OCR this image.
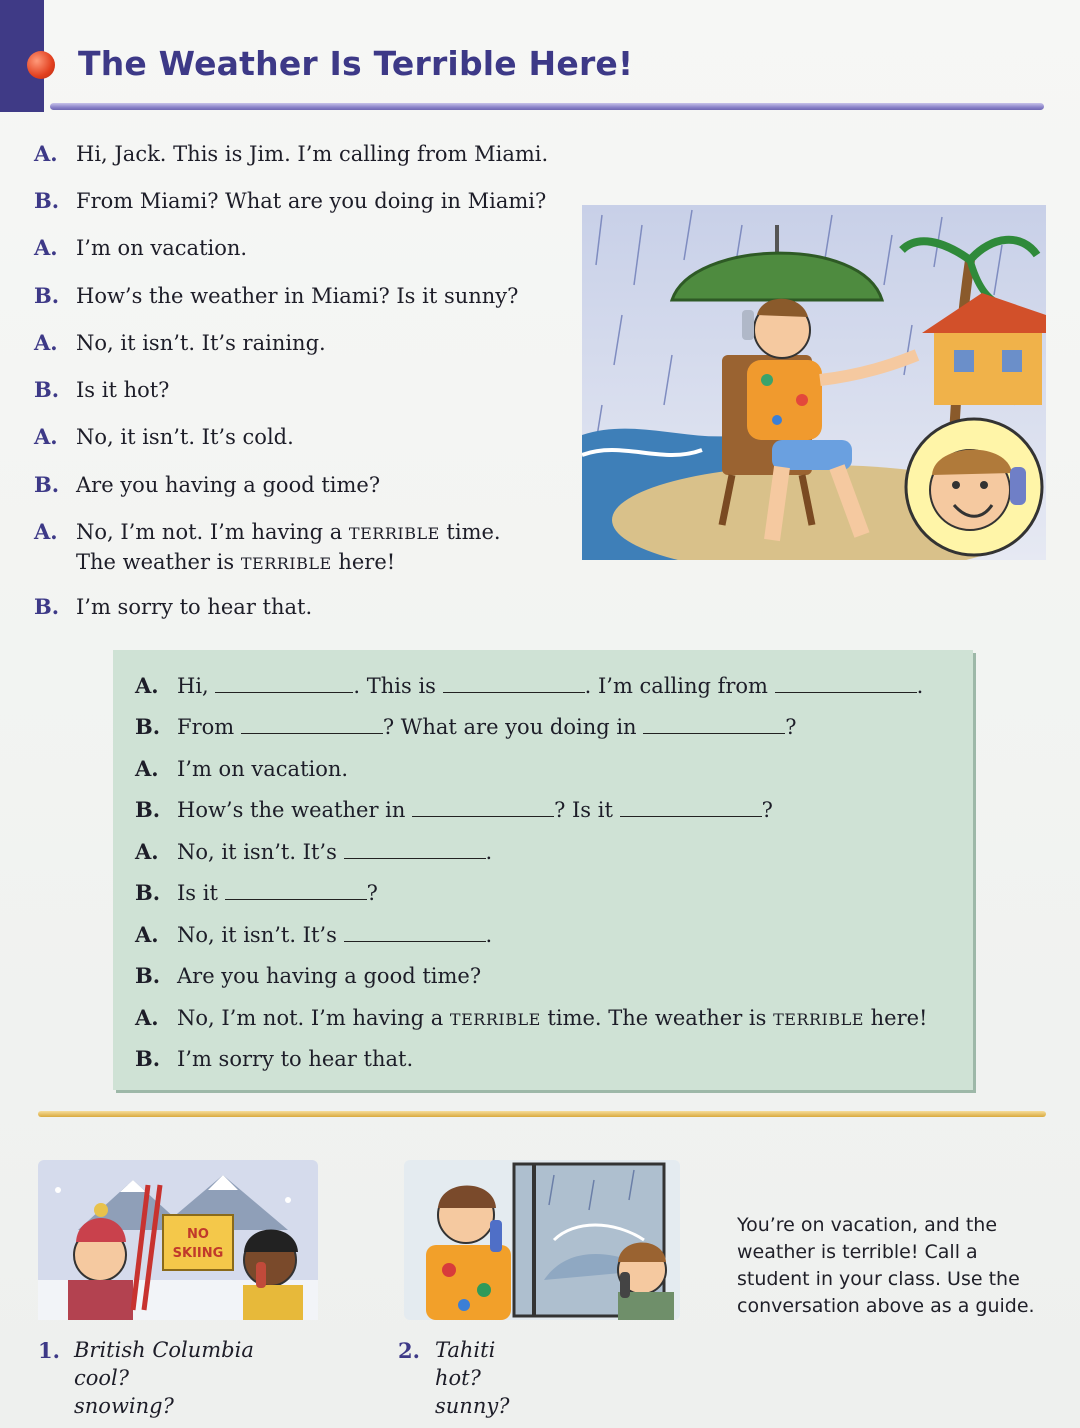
The Weather Is Terrible Here!
A. Hi, Jack. This is Jim. I’m calling from Miami.
B. From Miami? What are you doing in Miami?
A. I’m on vacation.
B. How’s the weather in Miami? Is it sunny?
A. No, it isn’t. It’s raining.
B. Is it hot?
A. No, it isn’t. It’s cold.
B. Are you having a good time?
A. No, I’m not. I’m having a TERRIBLE time.
The weather is TERRIBLE here!
B. I’m sorry to hear that.
A. Hi,	. This is	. I’m calling from	.
B. From	? What are you doing in	?
A. I’m on vacation.
B. How’s the weather in	? Is it	?
A. No, it isn’t. It’s	.
B. Is it	?
A. No, it isn’t. It’s	.
B. Are you having a good time?
A. No, I’m not. I’m having a TERRIBLE time. The weather is TERRIBLE here!
B. I’m sorry to hear that.
NO
SKIING
1. British Columbia
cool?
snowing?
2. Tahiti
hot?
sunny?
You’re on vacation, and the weather is terrible! Call a student in your class. Use the conversation above as a guide.
